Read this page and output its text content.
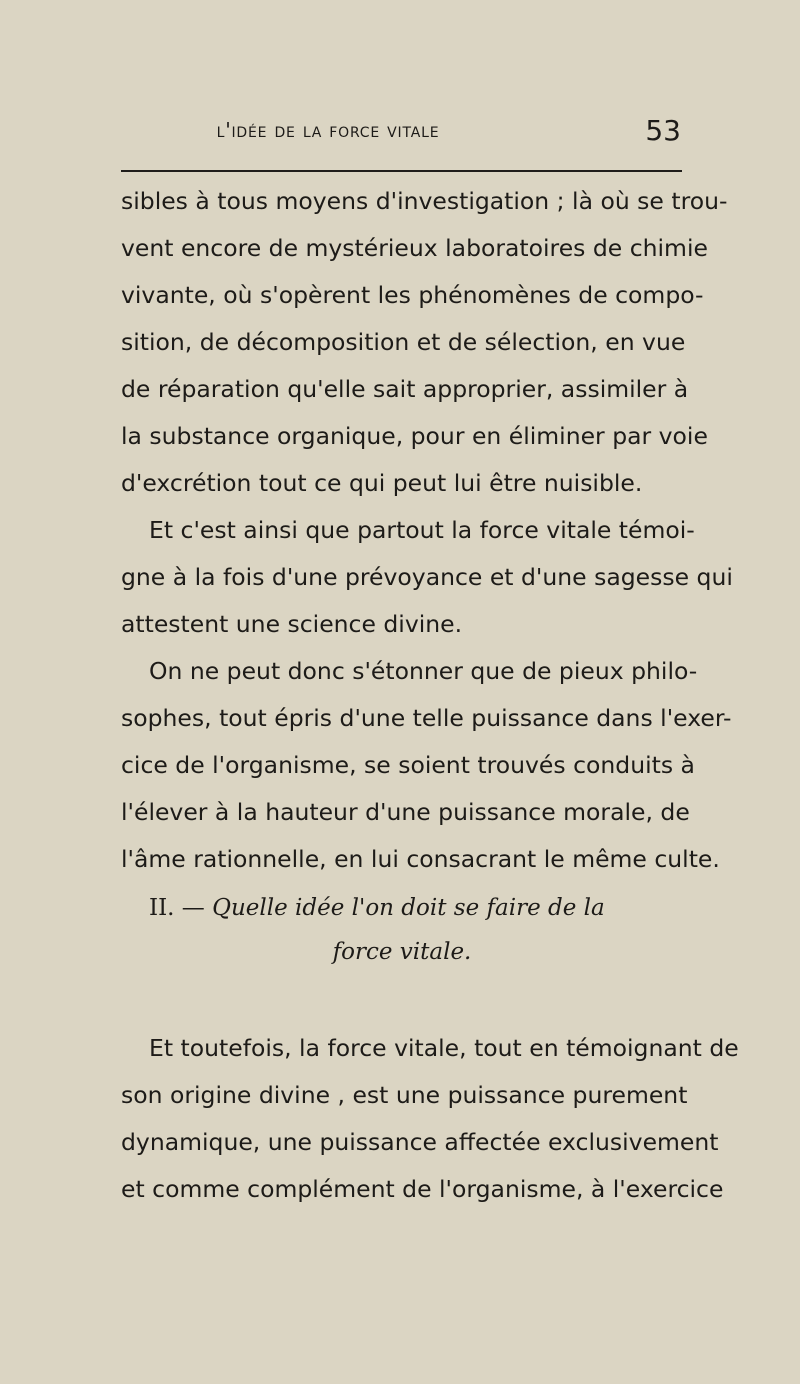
l'idée de la force vitale	53
sibles à tous moyens d'investigation ; là où se trou-
vent encore de mystérieux laboratoires de chimie
vivante, où s'opèrent les phénomènes de compo-
sition, de décomposition et de sélection, en vue
de réparation qu'elle sait approprier, assimiler à
la substance organique, pour en éliminer par voie
d'excrétion tout ce qui peut lui être nuisible.
Et c'est ainsi que partout la force vitale témoi-
gne à la fois d'une prévoyance et d'une sagesse qui
attestent une science divine.
On ne peut donc s'étonner que de pieux philo-
sophes, tout épris d'une telle puissance dans l'exer-
cice de l'organisme, se soient trouvés conduits à
l'élever à la hauteur d'une puissance morale, de
l'âme rationnelle, en lui consacrant le même culte.
II. — Quelle idée l'on doit se faire de la
force vitale.
Et toutefois, la force vitale, tout en témoignant de
son origine divine , est une puissance purement
dynamique, une puissance affectée exclusivement
et comme complément de l'organisme, à l'exercice
